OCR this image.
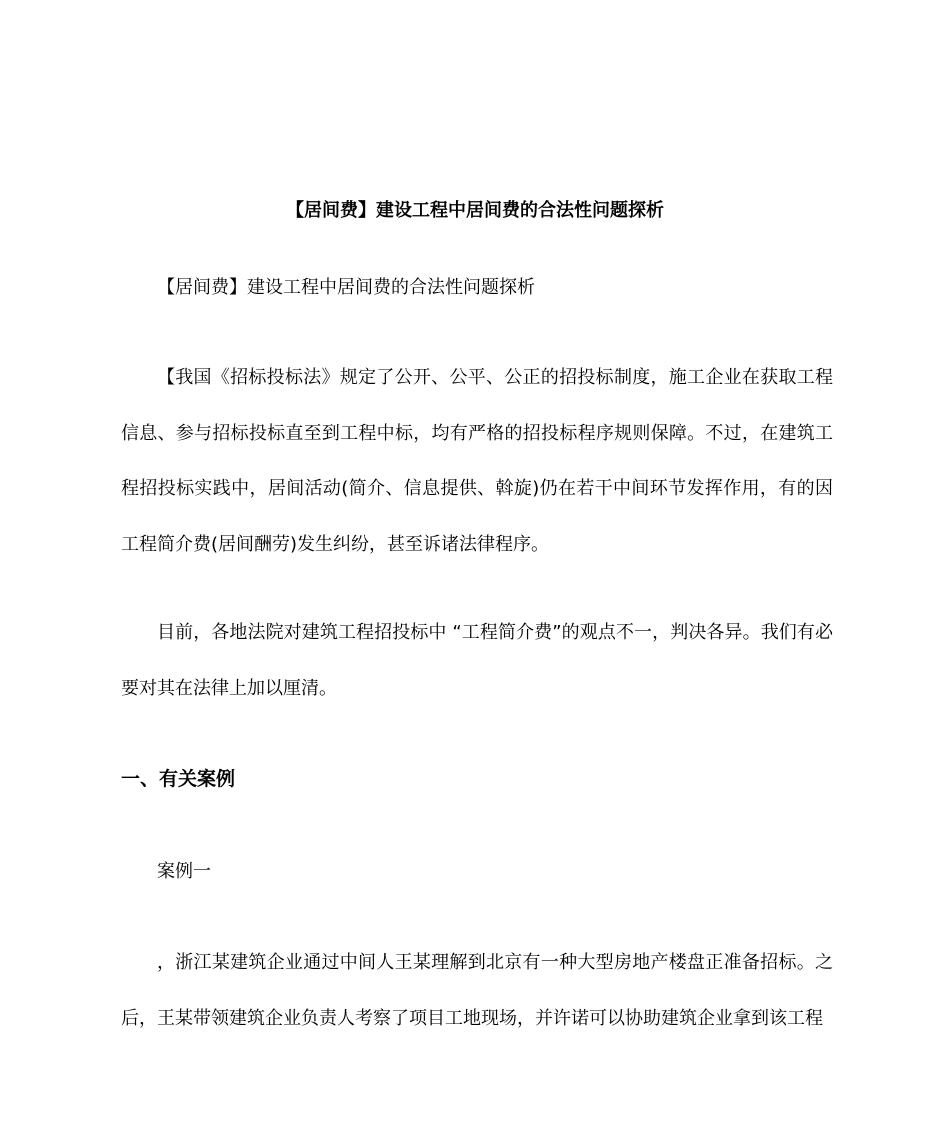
【居间费】建设工程中居间费的合法性问题探析

【居间费】建设工程中居间费的合法性问题探析

【我国《招标投标法》规定了公开、公平、公正的招投标制度，施工企业在获取工程信息、参与招标投标直至到工程中标，均有严格的招投标程序规则保障。不过，在建筑工程招投标实践中，居间活动(简介、信息提供、斡旋)仍在若干中间环节发挥作用，有的因工程简介费(居间酬劳)发生纠纷，甚至诉诸法律程序。

目前，各地法院对建筑工程招投标中 “工程简介费”的观点不一，判决各异。我们有必要对其在法律上加以厘清。

一、有关案例

案例一

，浙江某建筑企业通过中间人王某理解到北京有一种大型房地产楼盘正准备招标。之后，王某带领建筑企业负责人考察了项目工地现场，并许诺可以协助建筑企业拿到该工程
